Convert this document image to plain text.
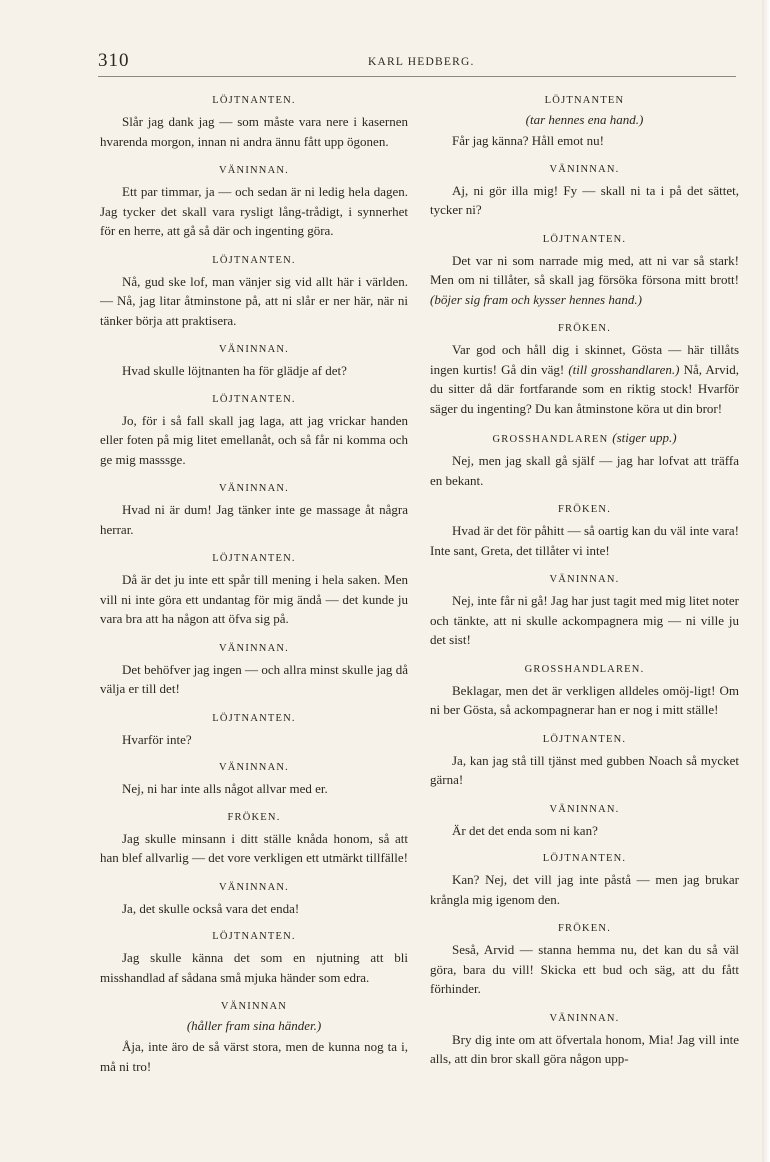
310	KARL HEDBERG.
LÖJTNANTEN.

Slår jag dank jag — som måste vara nere i kasernen hvarenda morgon, innan ni andra ännu fått upp ögonen.

VÄNINNAN.

Ett par timmar, ja — och sedan är ni ledig hela dagen. Jag tycker det skall vara rysligt lång-trådigt, i synnerhet för en herre, att gå så där och ingenting göra.

LÖJTNANTEN.

Nå, gud ske lof, man vänjer sig vid allt här i världen. — Nå, jag litar åtminstone på, att ni slår er ner här, när ni tänker börja att praktisera.

VÄNINNAN.

Hvad skulle löjtnanten ha för glädje af det?

LÖJTNANTEN.

Jo, för i så fall skall jag laga, att jag vrickar handen eller foten på mig litet emellanåt, och så får ni komma och ge mig masssge.

VÄNINNAN.

Hvad ni är dum! Jag tänker inte ge massage åt några herrar.

LÖJTNANTEN.

Då är det ju inte ett spår till mening i hela saken. Men vill ni inte göra ett undantag för mig ändå — det kunde ju vara bra att ha någon att öfva sig på.

VÄNINNAN.

Det behöfver jag ingen — och allra minst skulle jag då välja er till det!

LÖJTNANTEN.

Hvarför inte?

VÄNINNAN.

Nej, ni har inte alls något allvar med er.

FRÖKEN.

Jag skulle minsann i ditt ställe knåda honom, så att han blef allvarlig — det vore verkligen ett utmärkt tillfälle!

VÄNINNAN.

Ja, det skulle också vara det enda!

LÖJTNANTEN.

Jag skulle känna det som en njutning att bli misshandlad af sådana små mjuka händer som edra.

VÄNINNAN
(håller fram sina händer.)

Åja, inte äro de så värst stora, men de kunna nog ta i, må ni tro!

LÖJTNANTEN
(tar hennes ena hand.)

Får jag känna? Håll emot nu!

VÄNINNAN.

Aj, ni gör illa mig! Fy — skall ni ta i på det sättet, tycker ni?

LÖJTNANTEN.

Det var ni som narrade mig med, att ni var så stark! Men om ni tillåter, så skall jag försöka försona mitt brott! (böjer sig fram och kysser hennes hand.)

FRÖKEN.

Var god och håll dig i skinnet, Gösta — här tillåts ingen kurtis! Gå din väg! (till grosshandlaren.) Nå, Arvid, du sitter då där fortfarande som en riktig stock! Hvarför säger du ingenting? Du kan åtminstone köra ut din bror!

GROSSHANDLAREN (stiger upp.)

Nej, men jag skall gå själf — jag har lofvat att träffa en bekant.

FRÖKEN.

Hvad är det för påhitt — så oartig kan du väl inte vara! Inte sant, Greta, det tillåter vi inte!

VÄNINNAN.

Nej, inte får ni gå! Jag har just tagit med mig litet noter och tänkte, att ni skulle ackompagnera mig — ni ville ju det sist!

GROSSHANDLAREN.

Beklagar, men det är verkligen alldeles omöj-ligt! Om ni ber Gösta, så ackompagnerar han er nog i mitt ställe!

LÖJTNANTEN.

Ja, kan jag stå till tjänst med gubben Noach så mycket gärna!

VÄNINNAN.

Är det det enda som ni kan?

LÖJTNANTEN.

Kan? Nej, det vill jag inte påstå — men jag brukar krångla mig igenom den.

FRÖKEN.

Seså, Arvid — stanna hemma nu, det kan du så väl göra, bara du vill! Skicka ett bud och säg, att du fått förhinder.

VÄNINNAN.

Bry dig inte om att öfvertala honom, Mia! Jag vill inte alls, att din bror skall göra någon upp-
